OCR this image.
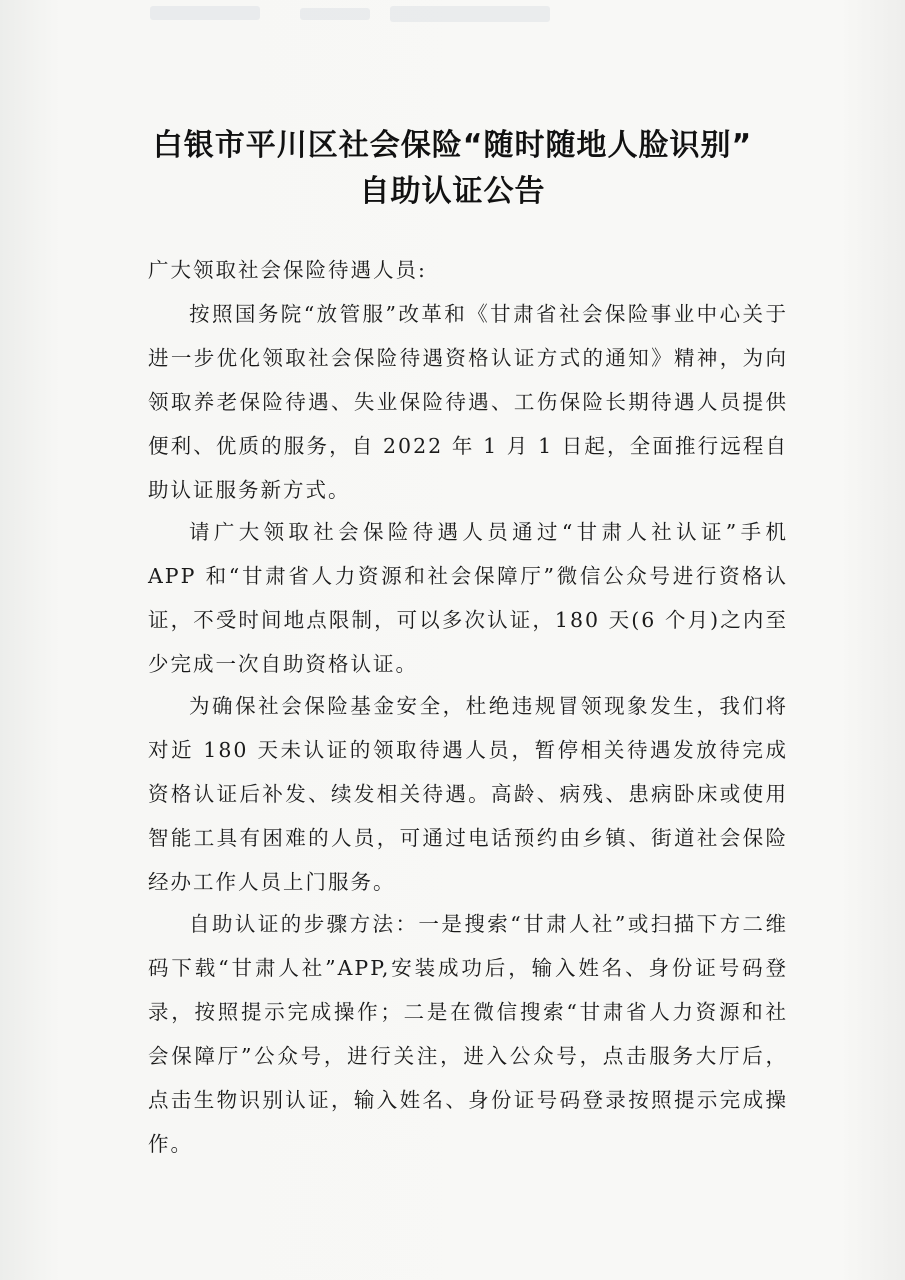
白银市平川区社会保险“随时随地人脸识别”
自助认证公告
广大领取社会保险待遇人员:

按照国务院“放管服”改革和《甘肃省社会保险事业中心关于进一步优化领取社会保险待遇资格认证方式的通知》精神，为向领取养老保险待遇、失业保险待遇、工伤保险长期待遇人员提供便利、优质的服务，自 2022 年 1 月 1 日起，全面推行远程自助认证服务新方式。

请广大领取社会保险待遇人员通过“甘肃人社认证”手机 APP 和“甘肃省人力资源和社会保障厅”微信公众号进行资格认证，不受时间地点限制，可以多次认证，180 天(6 个月)之内至少完成一次自助资格认证。

为确保社会保险基金安全，杜绝违规冒领现象发生，我们将对近 180 天未认证的领取待遇人员，暂停相关待遇发放待完成资格认证后补发、续发相关待遇。高龄、病残、患病卧床或使用智能工具有困难的人员，可通过电话预约由乡镇、街道社会保险经办工作人员上门服务。

自助认证的步骤方法：一是搜索“甘肃人社”或扫描下方二维码下载“甘肃人社”APP,安装成功后，输入姓名、身份证号码登录，按照提示完成操作；二是在微信搜索“甘肃省人力资源和社会保障厅”公众号，进行关注，进入公众号，点击服务大厅后，点击生物识别认证，输入姓名、身份证号码登录按照提示完成操作。
